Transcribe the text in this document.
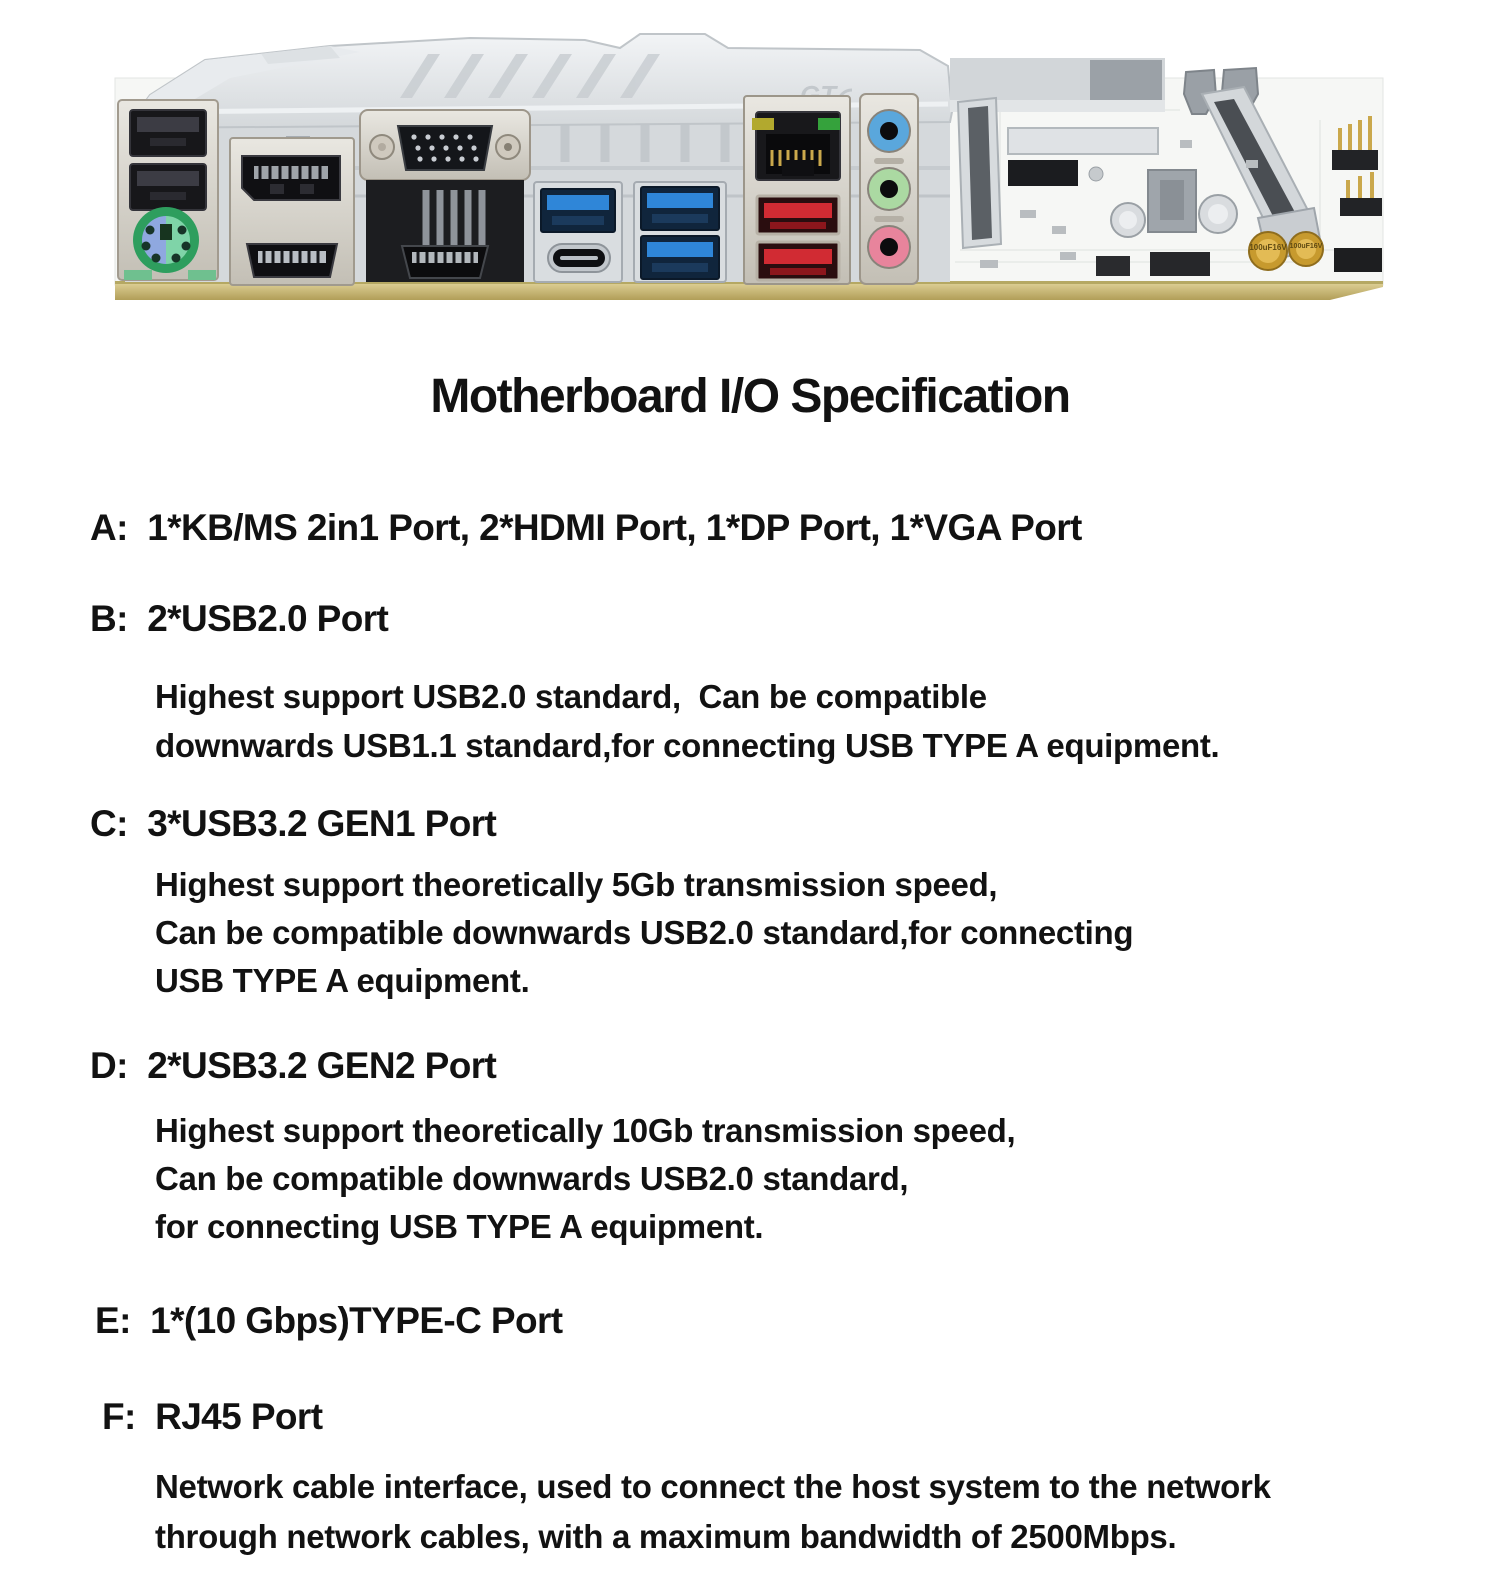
100uF16V 100uF16V
Motherboard I/O Specification
A:  1*KB/MS 2in1 Port, 2*HDMI Port, 1*DP Port, 1*VGA Port
B:  2*USB2.0 Port
Highest support USB2.0 standard,  Can be compatible
downwards USB1.1 standard,for connecting USB TYPE A equipment.
C:  3*USB3.2 GEN1 Port
Highest support theoretically 5Gb transmission speed,
Can be compatible downwards USB2.0 standard,for connecting
USB TYPE A equipment.
D:  2*USB3.2 GEN2 Port
Highest support theoretically 10Gb transmission speed,
Can be compatible downwards USB2.0 standard,
for connecting USB TYPE A equipment.
E:  1*(10 Gbps)TYPE-C Port
F:  RJ45 Port
Network cable interface, used to connect the host system to the network
through network cables, with a maximum bandwidth of 2500Mbps.
